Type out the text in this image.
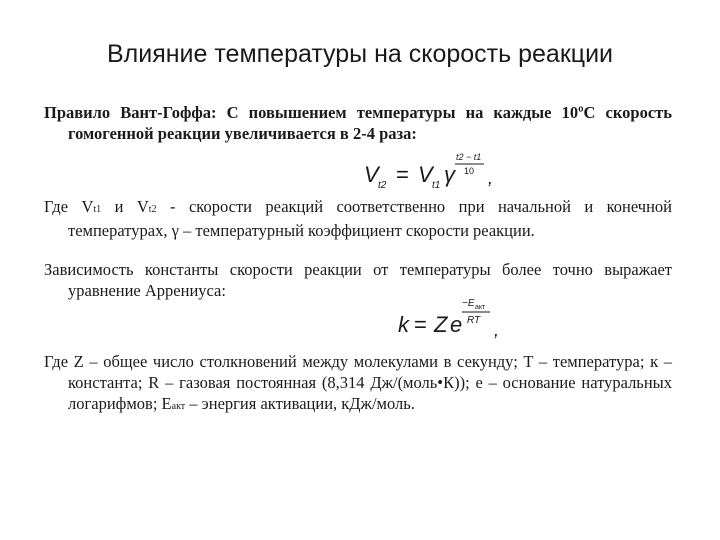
Влияние температуры на скорость реакции
Правило Вант-Гоффа: С повышением температуры на каждые 10ºС скорость гомогенной реакции увеличивается в 2-4 раза:
V t2 = V t1 γ
t2 − t1
10 ,
Где Vt1 и Vt2 - скорости реакций соответственно при начальной и конечной температурах, γ – температурный коэффициент скорости реакции.
Зависимость константы скорости реакции от температуры более точно выражает уравнение Аррениуса:
k = Z e
−E акт
RT ,
Где Z – общее число столкновений между молекулами в секунду; T – температура; к – константа; R – газовая постоянная (8,314 Дж/(моль•К)); e – основание натуральных логарифмов; Eакт – энергия активации, кДж/моль.
